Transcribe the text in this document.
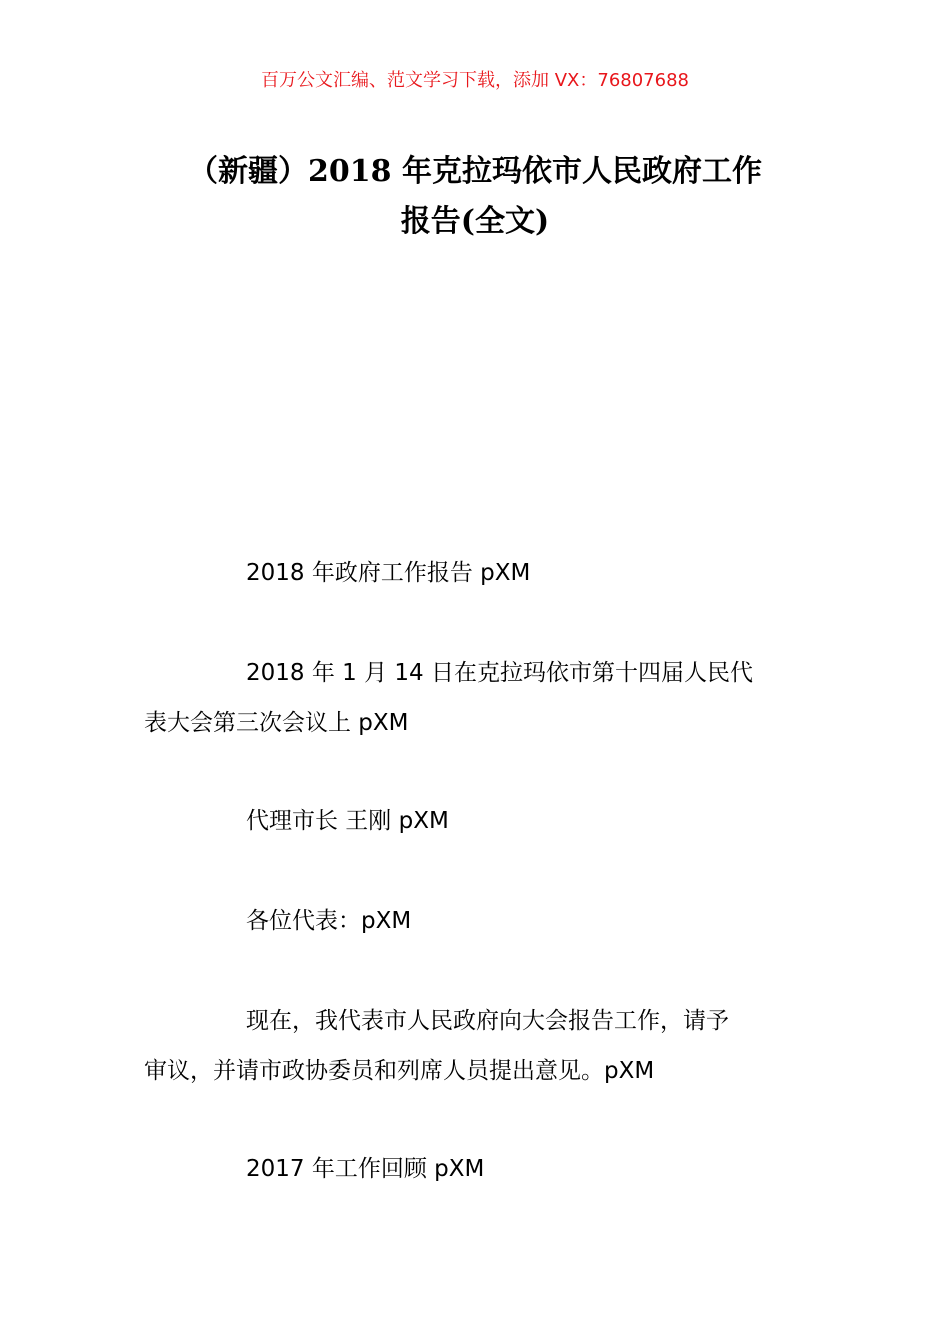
百万公文汇编、范文学习下载，添加 VX：76807688
（新疆）2018 年克拉玛依市人民政府工作
报告(全文)

2018 年政府工作报告 pXM

2018 年 1 月 14 日在克拉玛依市第十四届人民代
表大会第三次会议上 pXM

代理市长 王刚 pXM

各位代表：pXM

现在，我代表市人民政府向大会报告工作，请予
审议，并请市政协委员和列席人员提出意见。pXM

2017 年工作回顾 pXM
